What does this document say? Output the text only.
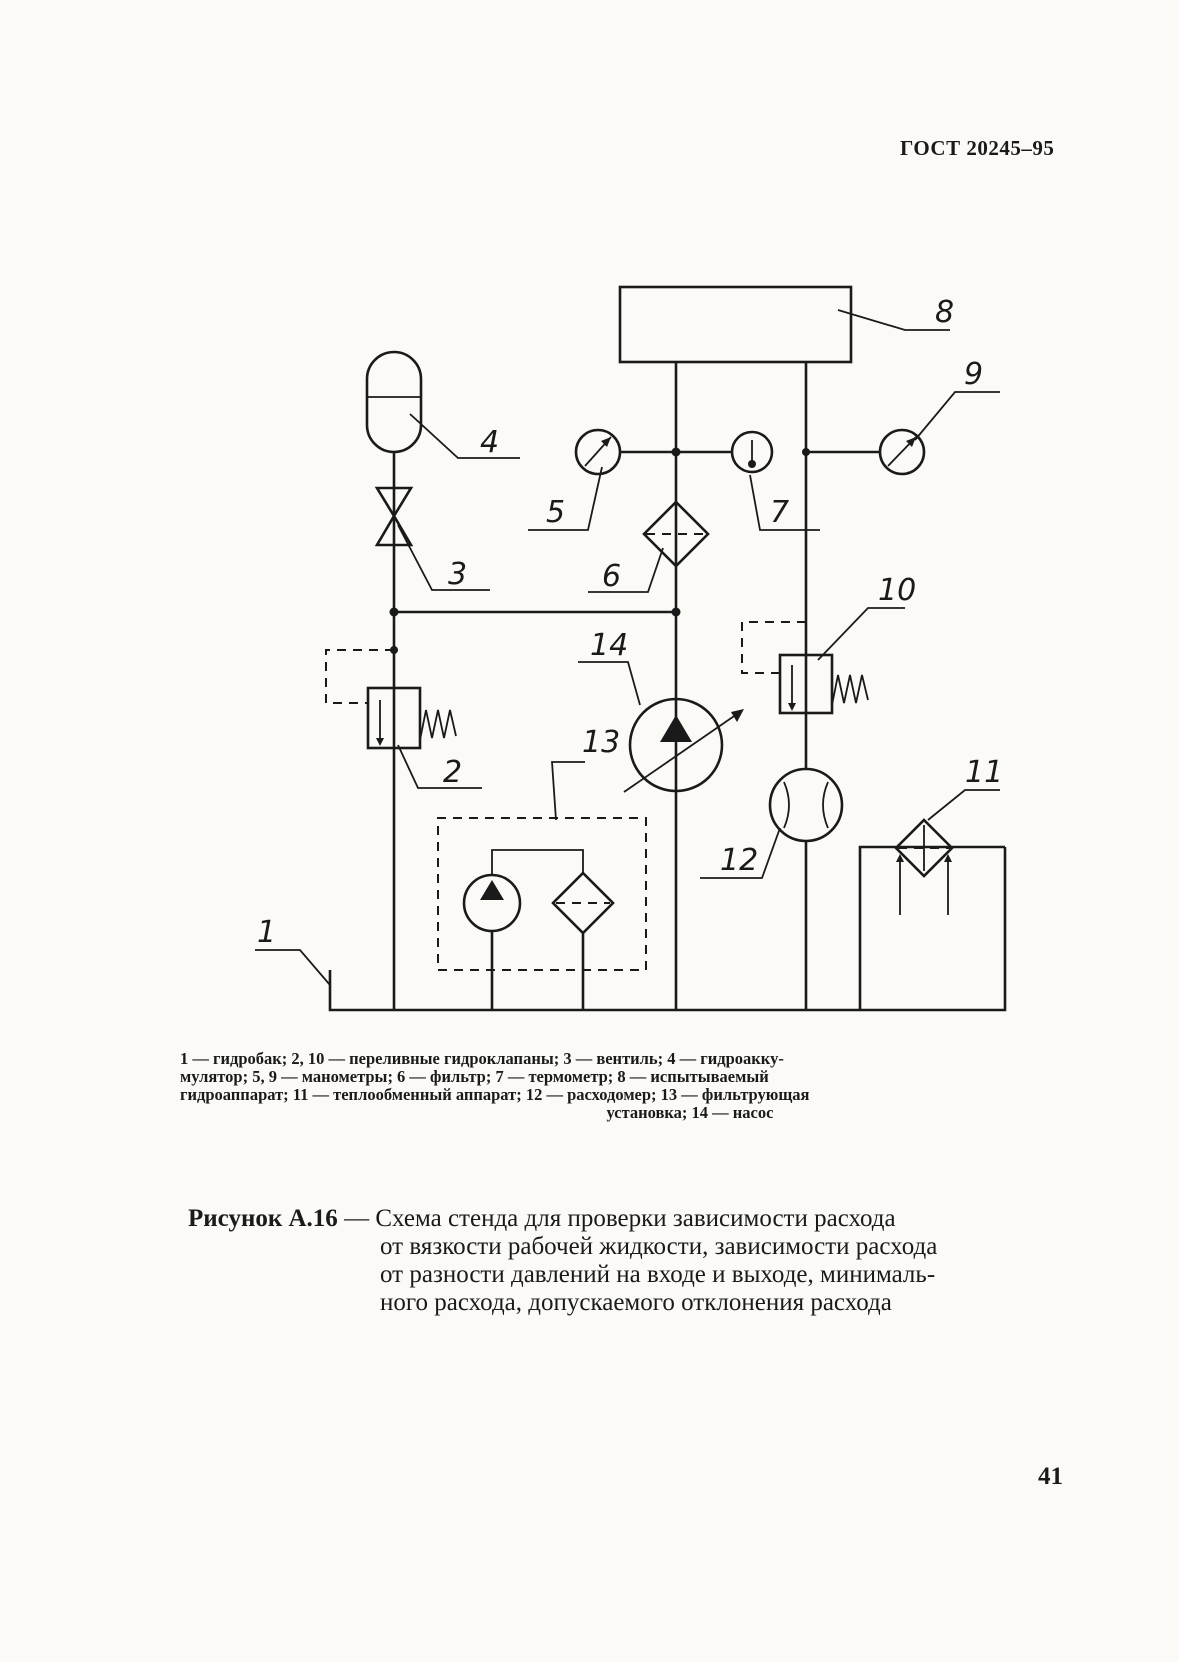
ГОСТ 20245–95
1
2
3
4
5
6
7
8
9
10
11
12
13
14
1 — гидробак; 2, 10 — переливные гидроклапаны; 3 — вентиль; 4 — гидроакку-
мулятор; 5, 9 — манометры; 6 — фильтр; 7 — термометр; 8 — испытываемый
гидроаппарат; 11 — теплообменный аппарат; 12 — расходомер; 13 — фильтрующая
установка; 14 — насос
Рисунок А.16 — Схема стенда для проверки зависимости расхода
от вязкости рабочей жидкости, зависимости расхода
от разности давлений на входе и выходе, минималь-
ного расхода, допускаемого отклонения расхода
41
